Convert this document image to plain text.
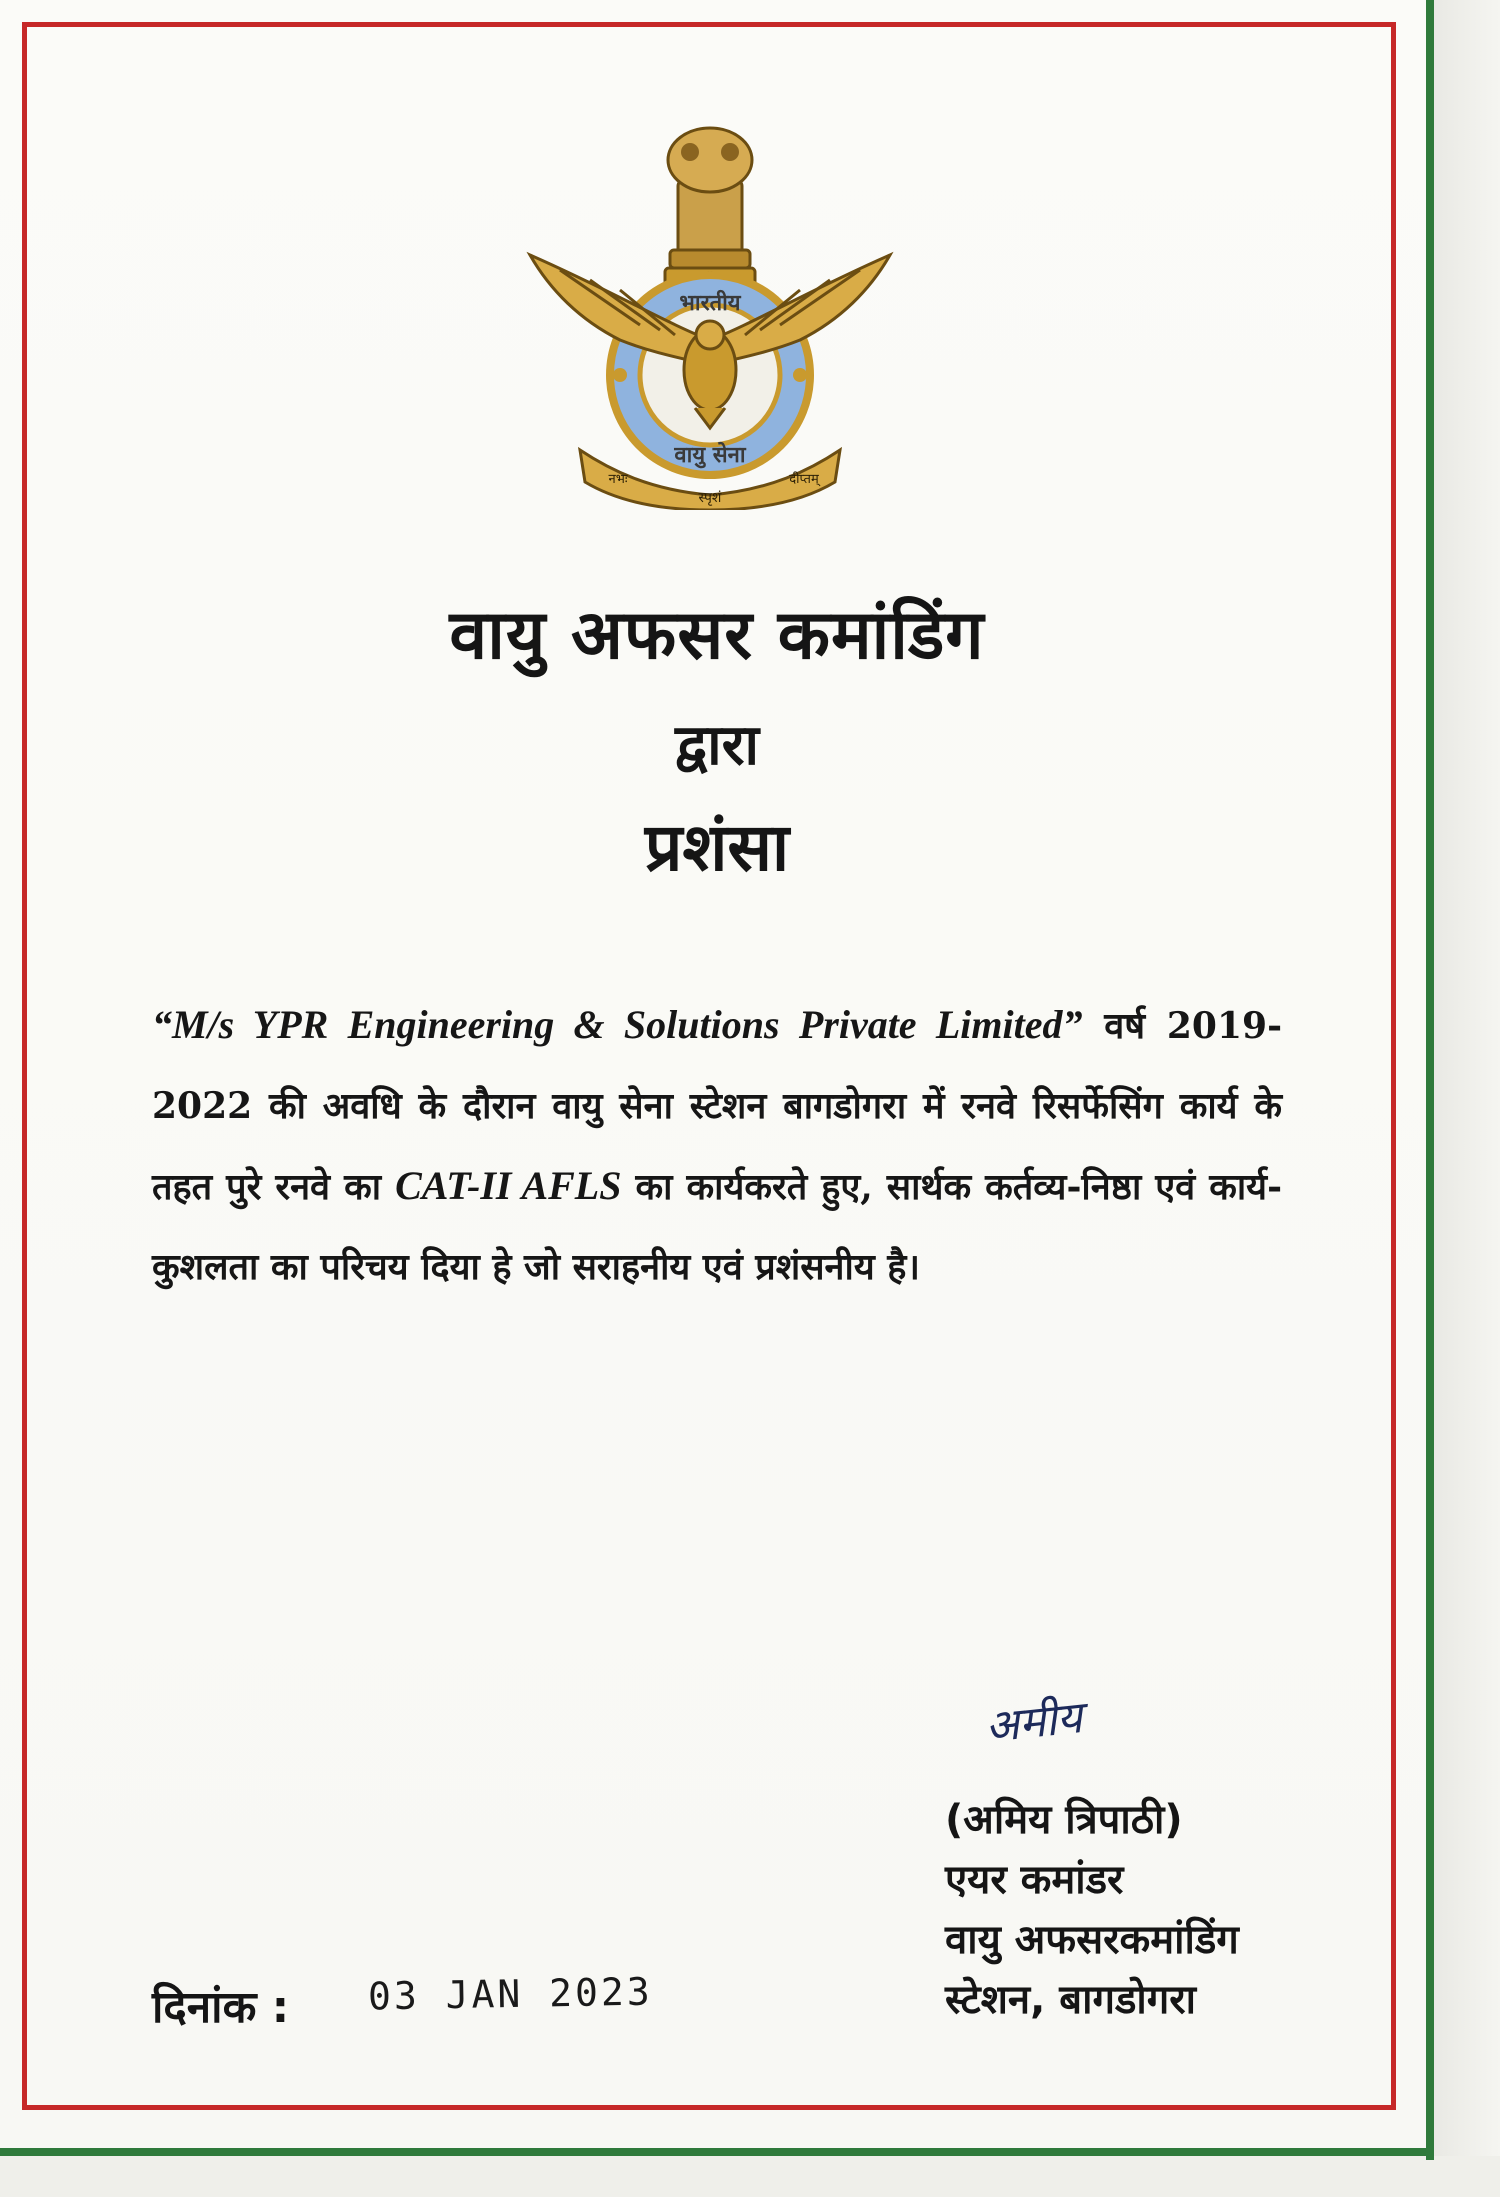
भारतीय
वायु सेना
नभः
स्पृशं
दीप्तम्
वायु अफसर कमांडिंग
द्वारा
प्रशंसा
“M/s YPR Engineering & Solutions Private Limited” वर्ष 2019-2022 की अवधि के दौरान वायु सेना स्टेशन बागडोगरा में रनवे रिसर्फेसिंग कार्य के तहत पुरे रनवे का CAT-II AFLS का कार्यकरते हुए, सार्थक कर्तव्य-निष्ठा एवं कार्य-कुशलता का परिचय दिया हे जो सराहनीय एवं प्रशंसनीय है।
अमीय
(अमिय त्रिपाठी)
एयर कमांडर
वायु अफसरकमांडिंग
स्टेशन, बागडोगरा
दिनांक : 03 JAN 2023
